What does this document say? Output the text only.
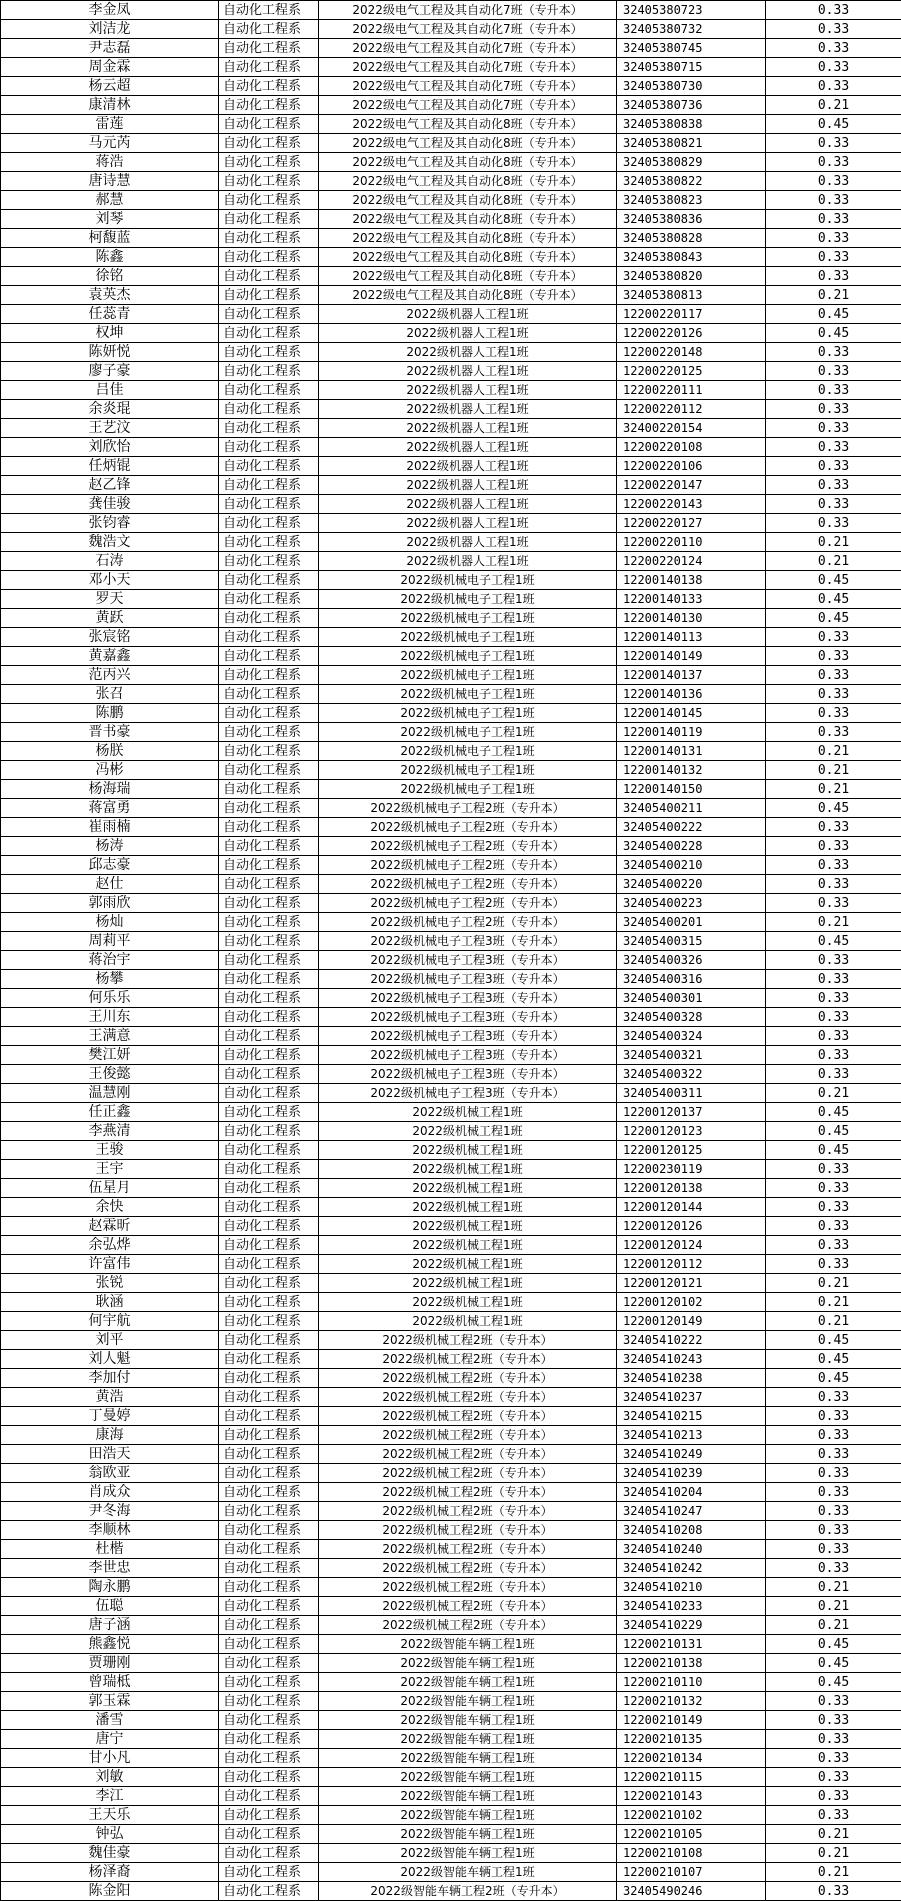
李金凤	自动化工程系	2022级电气工程及其自动化7班（专升本）	32405380723	0.33
刘洁龙	自动化工程系	2022级电气工程及其自动化7班（专升本）	32405380732	0.33
尹志磊	自动化工程系	2022级电气工程及其自动化7班（专升本）	32405380745	0.33
周金霖	自动化工程系	2022级电气工程及其自动化7班（专升本）	32405380715	0.33
杨云超	自动化工程系	2022级电气工程及其自动化7班（专升本）	32405380730	0.33
康清林	自动化工程系	2022级电气工程及其自动化7班（专升本）	32405380736	0.21
雷莲	自动化工程系	2022级电气工程及其自动化8班（专升本）	32405380838	0.45
马元芮	自动化工程系	2022级电气工程及其自动化8班（专升本）	32405380821	0.33
蒋浩	自动化工程系	2022级电气工程及其自动化8班（专升本）	32405380829	0.33
唐诗慧	自动化工程系	2022级电气工程及其自动化8班（专升本）	32405380822	0.33
郝慧	自动化工程系	2022级电气工程及其自动化8班（专升本）	32405380823	0.33
刘琴	自动化工程系	2022级电气工程及其自动化8班（专升本）	32405380836	0.33
柯馥蓝	自动化工程系	2022级电气工程及其自动化8班（专升本）	32405380828	0.33
陈鑫	自动化工程系	2022级电气工程及其自动化8班（专升本）	32405380843	0.33
徐铭	自动化工程系	2022级电气工程及其自动化8班（专升本）	32405380820	0.33
袁英杰	自动化工程系	2022级电气工程及其自动化8班（专升本）	32405380813	0.21
任蕊青	自动化工程系	2022级机器人工程1班	12200220117	0.45
权坤	自动化工程系	2022级机器人工程1班	12200220126	0.45
陈妍悦	自动化工程系	2022级机器人工程1班	12200220148	0.33
廖子豪	自动化工程系	2022级机器人工程1班	12200220125	0.33
吕佳	自动化工程系	2022级机器人工程1班	12200220111	0.33
余炎琨	自动化工程系	2022级机器人工程1班	12200220112	0.33
王艺汶	自动化工程系	2022级机器人工程1班	32400220154	0.33
刘欣怡	自动化工程系	2022级机器人工程1班	12200220108	0.33
任炳锟	自动化工程系	2022级机器人工程1班	12200220106	0.33
赵乙锋	自动化工程系	2022级机器人工程1班	12200220147	0.33
龚佳骏	自动化工程系	2022级机器人工程1班	12200220143	0.33
张钧睿	自动化工程系	2022级机器人工程1班	12200220127	0.33
魏浩文	自动化工程系	2022级机器人工程1班	12200220110	0.21
石涛	自动化工程系	2022级机器人工程1班	12200220124	0.21
邓小天	自动化工程系	2022级机械电子工程1班	12200140138	0.45
罗天	自动化工程系	2022级机械电子工程1班	12200140133	0.45
黄跃	自动化工程系	2022级机械电子工程1班	12200140130	0.45
张宸铭	自动化工程系	2022级机械电子工程1班	12200140113	0.33
黄嘉鑫	自动化工程系	2022级机械电子工程1班	12200140149	0.33
范丙兴	自动化工程系	2022级机械电子工程1班	12200140137	0.33
张召	自动化工程系	2022级机械电子工程1班	12200140136	0.33
陈鹏	自动化工程系	2022级机械电子工程1班	12200140145	0.33
晋书豪	自动化工程系	2022级机械电子工程1班	12200140119	0.33
杨朕	自动化工程系	2022级机械电子工程1班	12200140131	0.21
冯彬	自动化工程系	2022级机械电子工程1班	12200140132	0.21
杨海瑞	自动化工程系	2022级机械电子工程1班	12200140150	0.21
蒋富勇	自动化工程系	2022级机械电子工程2班（专升本）	32405400211	0.45
崔雨楠	自动化工程系	2022级机械电子工程2班（专升本）	32405400222	0.33
杨涛	自动化工程系	2022级机械电子工程2班（专升本）	32405400228	0.33
邱志豪	自动化工程系	2022级机械电子工程2班（专升本）	32405400210	0.33
赵仕	自动化工程系	2022级机械电子工程2班（专升本）	32405400220	0.33
郭雨欣	自动化工程系	2022级机械电子工程2班（专升本）	32405400223	0.33
杨灿	自动化工程系	2022级机械电子工程2班（专升本）	32405400201	0.21
周莉平	自动化工程系	2022级机械电子工程3班（专升本）	32405400315	0.45
蒋治宇	自动化工程系	2022级机械电子工程3班（专升本）	32405400326	0.33
杨攀	自动化工程系	2022级机械电子工程3班（专升本）	32405400316	0.33
何乐乐	自动化工程系	2022级机械电子工程3班（专升本）	32405400301	0.33
王川东	自动化工程系	2022级机械电子工程3班（专升本）	32405400328	0.33
王满意	自动化工程系	2022级机械电子工程3班（专升本）	32405400324	0.33
樊江妍	自动化工程系	2022级机械电子工程3班（专升本）	32405400321	0.33
王俊懿	自动化工程系	2022级机械电子工程3班（专升本）	32405400322	0.33
温慧刚	自动化工程系	2022级机械电子工程3班（专升本）	32405400311	0.21
任正鑫	自动化工程系	2022级机械工程1班	12200120137	0.45
李燕清	自动化工程系	2022级机械工程1班	12200120123	0.45
王骏	自动化工程系	2022级机械工程1班	12200120125	0.45
王宇	自动化工程系	2022级机械工程1班	12200230119	0.33
伍星月	自动化工程系	2022级机械工程1班	12200120138	0.33
余快	自动化工程系	2022级机械工程1班	12200120144	0.33
赵霖昕	自动化工程系	2022级机械工程1班	12200120126	0.33
余弘烨	自动化工程系	2022级机械工程1班	12200120124	0.33
许富伟	自动化工程系	2022级机械工程1班	12200120112	0.33
张锐	自动化工程系	2022级机械工程1班	12200120121	0.21
耿涵	自动化工程系	2022级机械工程1班	12200120102	0.21
何宇航	自动化工程系	2022级机械工程1班	12200120149	0.21
刘平	自动化工程系	2022级机械工程2班（专升本）	32405410222	0.45
刘人魁	自动化工程系	2022级机械工程2班（专升本）	32405410243	0.45
李加付	自动化工程系	2022级机械工程2班（专升本）	32405410238	0.45
黄浩	自动化工程系	2022级机械工程2班（专升本）	32405410237	0.33
丁曼婷	自动化工程系	2022级机械工程2班（专升本）	32405410215	0.33
康海	自动化工程系	2022级机械工程2班（专升本）	32405410213	0.33
田浩天	自动化工程系	2022级机械工程2班（专升本）	32405410249	0.33
翁欧亚	自动化工程系	2022级机械工程2班（专升本）	32405410239	0.33
肖成众	自动化工程系	2022级机械工程2班（专升本）	32405410204	0.33
尹冬海	自动化工程系	2022级机械工程2班（专升本）	32405410247	0.33
李顺林	自动化工程系	2022级机械工程2班（专升本）	32405410208	0.33
杜楷	自动化工程系	2022级机械工程2班（专升本）	32405410240	0.33
李世忠	自动化工程系	2022级机械工程2班（专升本）	32405410242	0.33
陶永鹏	自动化工程系	2022级机械工程2班（专升本）	32405410210	0.21
伍聪	自动化工程系	2022级机械工程2班（专升本）	32405410233	0.21
唐子涵	自动化工程系	2022级机械工程2班（专升本）	32405410229	0.21
熊鑫悦	自动化工程系	2022级智能车辆工程1班	12200210131	0.45
贾珊刚	自动化工程系	2022级智能车辆工程1班	12200210138	0.45
曾瑞柢	自动化工程系	2022级智能车辆工程1班	12200210110	0.45
郭玉霖	自动化工程系	2022级智能车辆工程1班	12200210132	0.33
潘雪	自动化工程系	2022级智能车辆工程1班	12200210149	0.33
唐宁	自动化工程系	2022级智能车辆工程1班	12200210135	0.33
甘小凡	自动化工程系	2022级智能车辆工程1班	12200210134	0.33
刘敏	自动化工程系	2022级智能车辆工程1班	12200210115	0.33
李江	自动化工程系	2022级智能车辆工程1班	12200210143	0.33
王天乐	自动化工程系	2022级智能车辆工程1班	12200210102	0.33
钟弘	自动化工程系	2022级智能车辆工程1班	12200210105	0.21
魏佳豪	自动化工程系	2022级智能车辆工程1班	12200210108	0.21
杨泽裔	自动化工程系	2022级智能车辆工程1班	12200210107	0.21
陈金阳	自动化工程系	2022级智能车辆工程2班（专升本）	32405490246	0.33
